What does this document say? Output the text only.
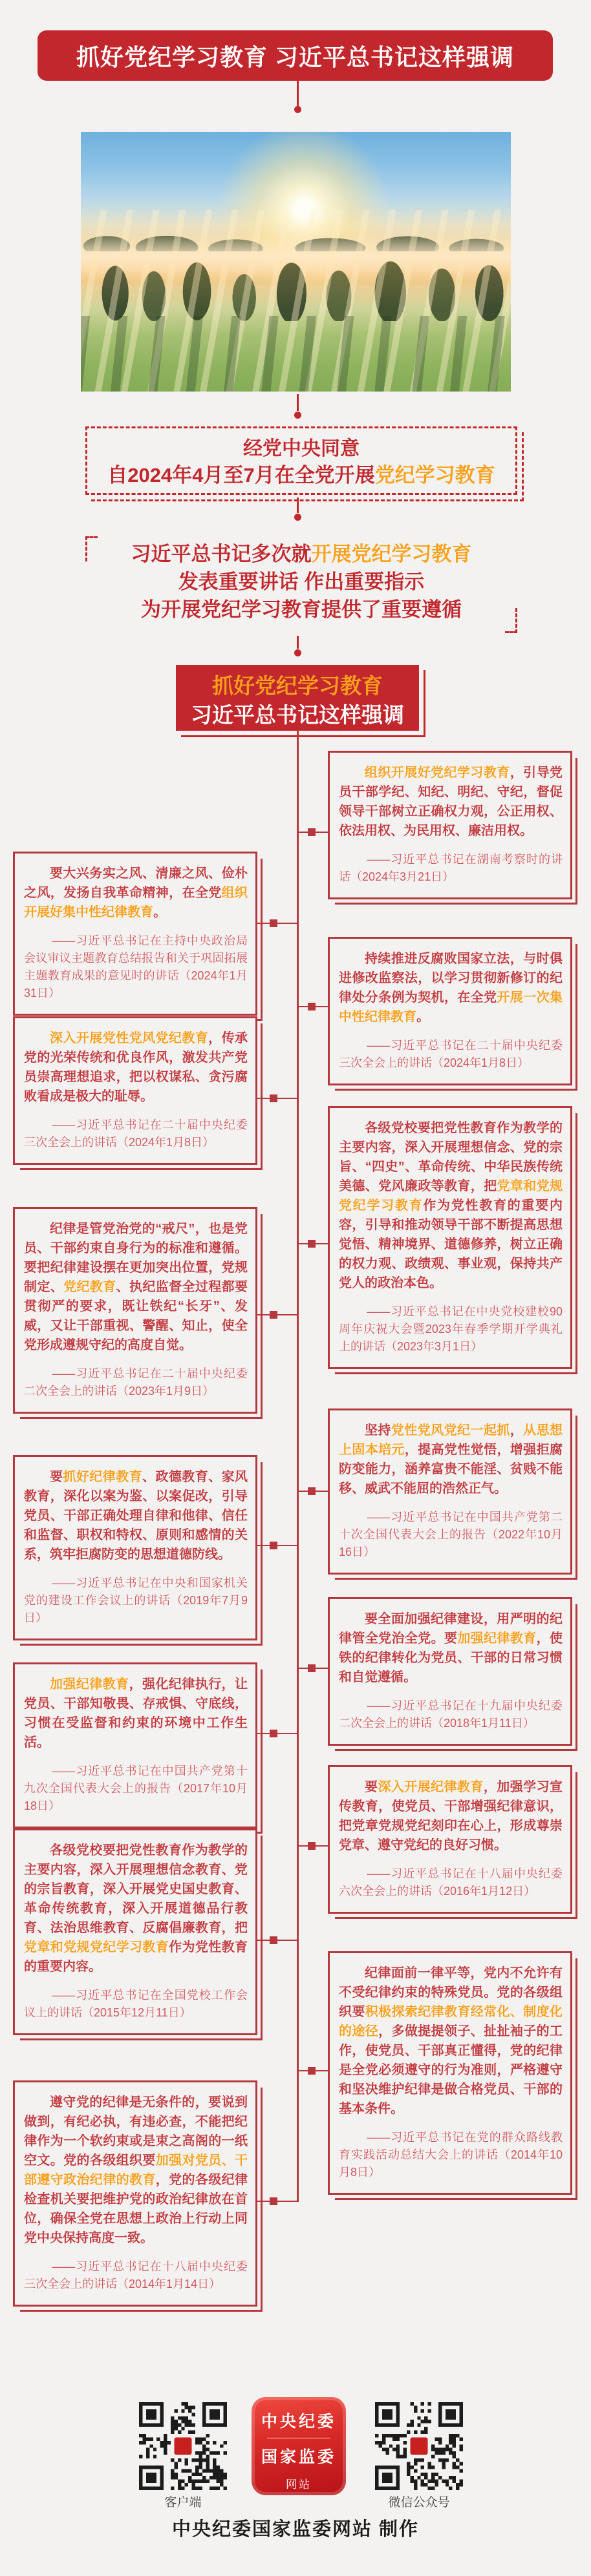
抓好党纪学习教育 习近平总书记这样强调

经党中央同意

自2024年4月至7月在全党开展党纪学习教育

习近平总书记多次就开展党纪学习教育

发表重要讲话 作出重要指示

为开展党纪学习教育提供了重要遵循

抓好党纪学习教育

习近平总书记这样强调

组织开展好党纪学习教育，引导党员干部学纪、知纪、明纪、守纪，督促领导干部树立正确权力观，公正用权、依法用权、为民用权、廉洁用权。

——习近平总书记在湖南考察时的讲话（2024年3月21日）

要大兴务实之风、清廉之风、俭朴之风，发扬自我革命精神，在全党组织开展好集中性纪律教育。

——习近平总书记在主持中央政治局会议审议主题教育总结报告和关于巩固拓展主题教育成果的意见时的讲话（2024年1月31日）

持续推进反腐败国家立法，与时俱进修改监察法，以学习贯彻新修订的纪律处分条例为契机，在全党开展一次集中性纪律教育。

——习近平总书记在二十届中央纪委三次全会上的讲话（2024年1月8日）

深入开展党性党风党纪教育，传承党的光荣传统和优良作风，激发共产党员崇高理想追求，把以权谋私、贪污腐败看成是极大的耻辱。

——习近平总书记在二十届中央纪委三次全会上的讲话（2024年1月8日）

各级党校要把党性教育作为教学的主要内容，深入开展理想信念、党的宗旨、“四史”、革命传统、中华民族传统美德、党风廉政等教育，把党章和党规党纪学习教育作为党性教育的重要内容，引导和推动领导干部不断提高思想觉悟、精神境界、道德修养，树立正确的权力观、政绩观、事业观，保持共产党人的政治本色。

——习近平总书记在中央党校建校90周年庆祝大会暨2023年春季学期开学典礼上的讲话（2023年3月1日）

纪律是管党治党的“戒尺”，也是党员、干部约束自身行为的标准和遵循。要把纪律建设摆在更加突出位置，党规制定、党纪教育、执纪监督全过程都要贯彻严的要求，既让铁纪“长牙”、发威，又让干部重视、警醒、知止，使全党形成遵规守纪的高度自觉。

——习近平总书记在二十届中央纪委二次全会上的讲话（2023年1月9日）

坚持党性党风党纪一起抓，从思想上固本培元，提高党性觉悟，增强拒腐防变能力，涵养富贵不能淫、贫贱不能移、威武不能屈的浩然正气。

——习近平总书记在中国共产党第二十次全国代表大会上的报告（2022年10月16日）

要抓好纪律教育、政德教育、家风教育，深化以案为鉴、以案促改，引导党员、干部正确处理自律和他律、信任和监督、职权和特权、原则和感情的关系，筑牢拒腐防变的思想道德防线。

——习近平总书记在中央和国家机关党的建设工作会议上的讲话（2019年7月9日）	要全面加强纪律建设，用严明的纪律管全党治全党。要加强纪律教育，使铁的纪律转化为党员、干部的日常习惯和自觉遵循。

——习近平总书记在十九届中央纪委二次全会上的讲话（2018年1月11日）

加强纪律教育，强化纪律执行，让党员、干部知敬畏、存戒惧、守底线，习惯在受监督和约束的环境中工作生活。

——习近平总书记在中国共产党第十九次全国代表大会上的报告（2017年10月18日）

要深入开展纪律教育，加强学习宣传教育，使党员、干部增强纪律意识，把党章党规党纪刻印在心上，形成尊崇党章、遵守党纪的良好习惯。

——习近平总书记在十八届中央纪委六次全会上的讲话（2016年1月12日）

各级党校要把党性教育作为教学的主要内容，深入开展理想信念教育、党的宗旨教育，深入开展党史国史教育、革命传统教育，深入开展道德品行教育、法治思维教育、反腐倡廉教育，把党章和党规党纪学习教育作为党性教育的重要内容。

——习近平总书记在全国党校工作会议上的讲话（2015年12月11日）

纪律面前一律平等，党内不允许有不受纪律约束的特殊党员。党的各级组织要积极探索纪律教育经常化、制度化的途径，多做提提领子、扯扯袖子的工作，使党员、干部真正懂得，党的纪律是全党必须遵守的行为准则，严格遵守和坚决维护纪律是做合格党员、干部的基本条件。

——习近平总书记在党的群众路线教育实践活动总结大会上的讲话（2014年10月8日）

遵守党的纪律是无条件的，要说到做到，有纪必执，有违必查，不能把纪律作为一个软约束或是束之高阁的一纸空文。党的各级组织要加强对党员、干部遵守政治纪律的教育，党的各级纪律检查机关要把维护党的政治纪律放在首位，确保全党在思想上政治上行动上同党中央保持高度一致。

——习近平总书记在十八届中央纪委三次全会上的讲话（2014年1月14日）

中央纪委

国家监委

网站

客户端	微信公众号
中央纪委国家监委网站 制作
